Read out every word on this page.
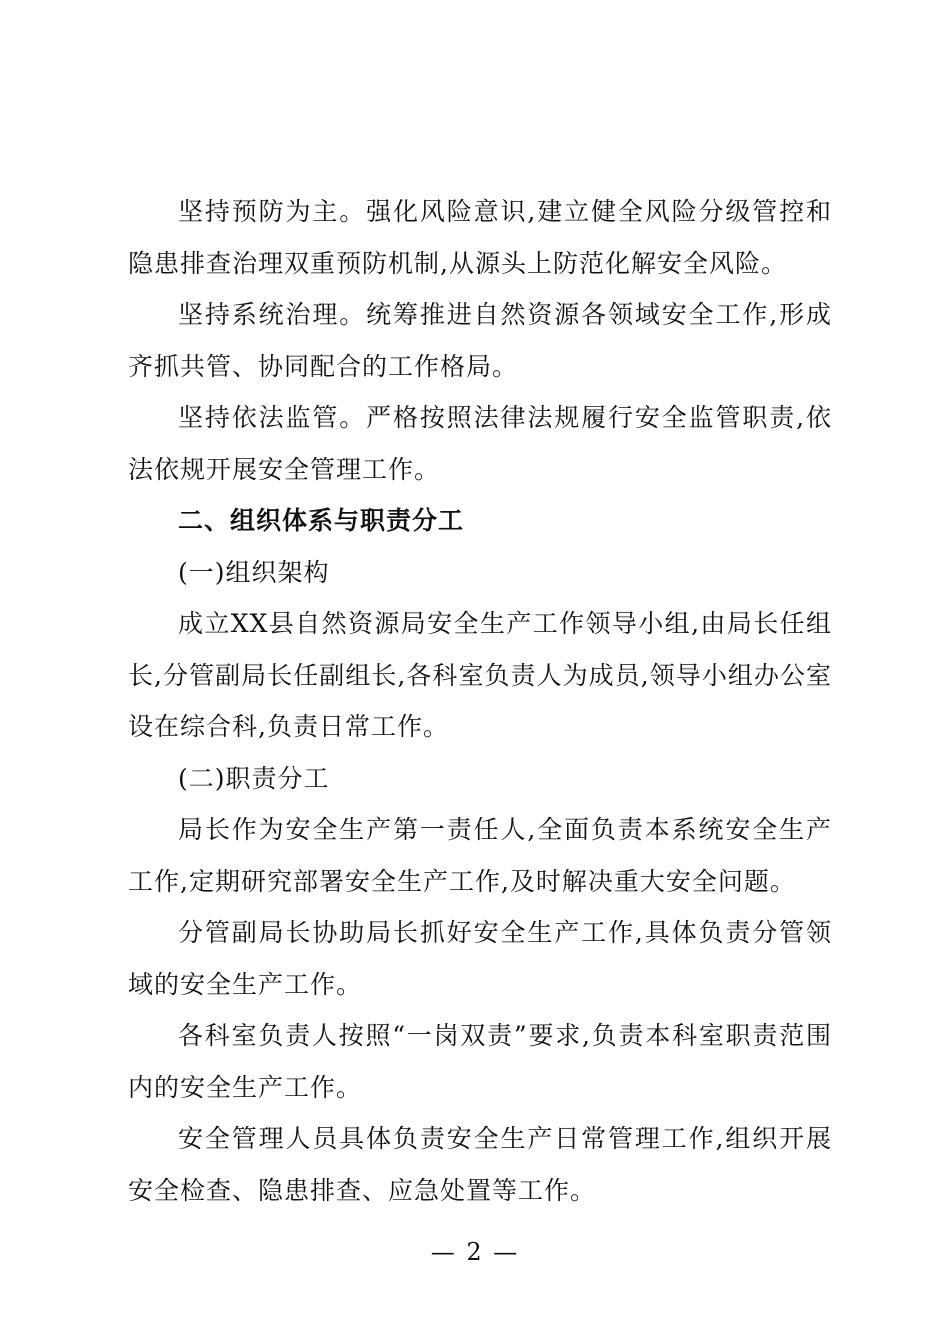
坚持预防为主。强化风险意识,建立健全风险分级管控和隐患排查治理双重预防机制,从源头上防范化解安全风险。

坚持系统治理。统筹推进自然资源各领域安全工作,形成齐抓共管、协同配合的工作格局。

坚持依法监管。严格按照法律法规履行安全监管职责,依法依规开展安全管理工作。

二、组织体系与职责分工

(一)组织架构

成立XX县自然资源局安全生产工作领导小组,由局长任组长,分管副局长任副组长,各科室负责人为成员,领导小组办公室设在综合科,负责日常工作。

(二)职责分工

局长作为安全生产第一责任人,全面负责本系统安全生产工作,定期研究部署安全生产工作,及时解决重大安全问题。

分管副局长协助局长抓好安全生产工作,具体负责分管领域的安全生产工作。

各科室负责人按照“一岗双责”要求,负责本科室职责范围内的安全生产工作。

安全管理人员具体负责安全生产日常管理工作,组织开展安全检查、隐患排查、应急处置等工作。

— 2 —
